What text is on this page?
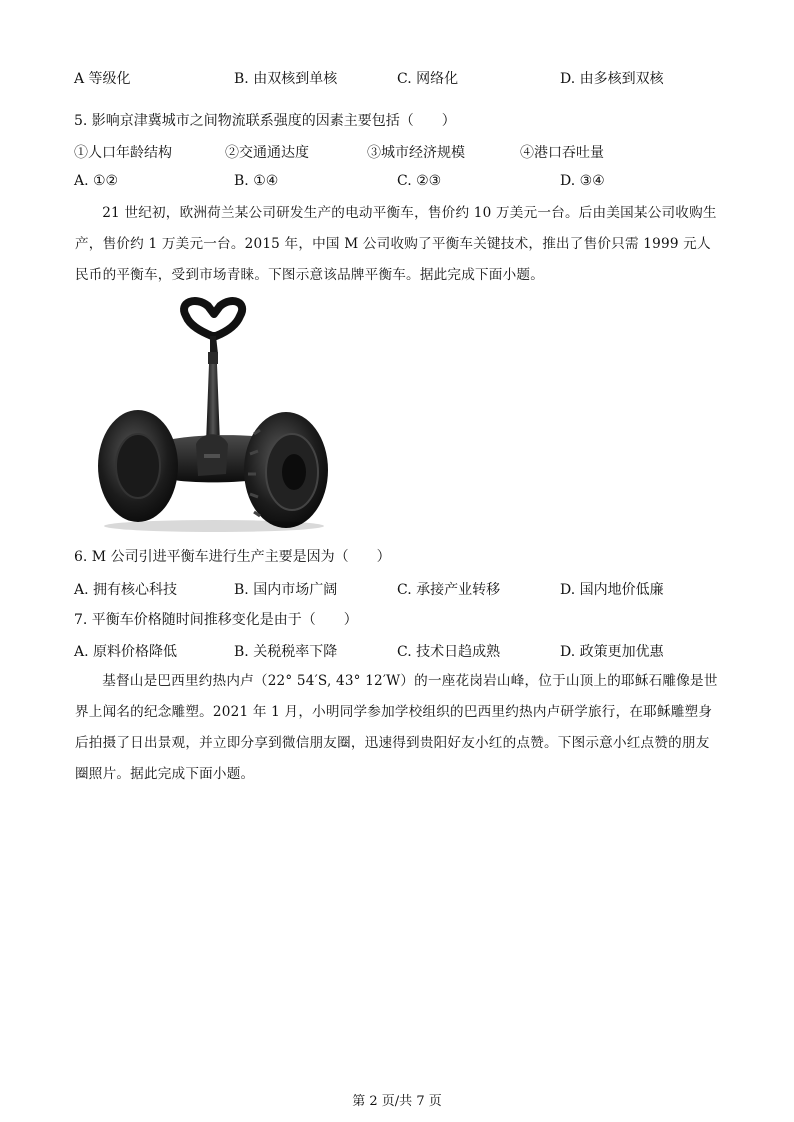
A 等级化	B. 由双核到单核	C. 网络化	D. 由多核到双核
5. 影响京津冀城市之间物流联系强度的因素主要包括（　　）
①人口年龄结构	②交通通达度	③城市经济规模	④港口吞吐量
A. ①②	B. ①④	C. ②③	D. ③④

21 世纪初，欧洲荷兰某公司研发生产的电动平衡车，售价约 10 万美元一台。后由美国某公司收购生产，售价约 1 万美元一台。2015 年，中国 M 公司收购了平衡车关键技术，推出了售价只需 1999 元人民币的平衡车，受到市场青睐。下图示意该品牌平衡车。据此完成下面小题。

6. M 公司引进平衡车进行生产主要是因为（　　）
A. 拥有核心科技	B. 国内市场广阔	C. 承接产业转移	D. 国内地价低廉
7. 平衡车价格随时间推移变化是由于（　　）
A. 原料价格降低	B. 关税税率下降	C. 技术日趋成熟	D. 政策更加优惠

基督山是巴西里约热内卢（22° 54′S, 43° 12′W）的一座花岗岩山峰，位于山顶上的耶稣石雕像是世界上闻名的纪念雕塑。2021 年 1 月，小明同学参加学校组织的巴西里约热内卢研学旅行，在耶稣雕塑身后拍摄了日出景观，并立即分享到微信朋友圈，迅速得到贵阳好友小红的点赞。下图示意小红点赞的朋友圈照片。据此完成下面小题。

第 2 页/共 7 页
